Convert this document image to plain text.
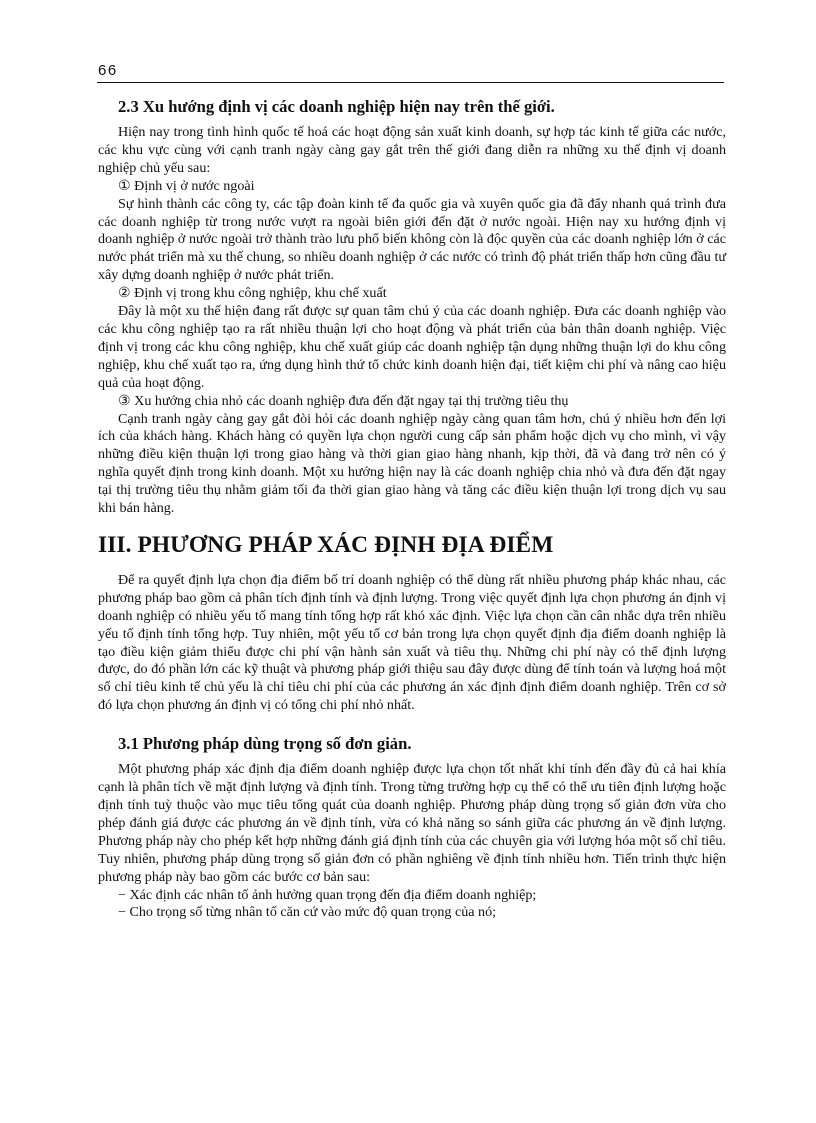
66
2.3 Xu hướng định vị các doanh nghiệp hiện nay trên thế giới.

Hiện nay trong tình hình quốc tế hoá các hoạt động sản xuất kinh doanh, sự hợp tác kinh tế giữa các nước, các khu vực cùng với cạnh tranh ngày càng gay gắt trên thế giới đang diễn ra những xu thế định vị doanh nghiệp chủ yếu sau:

① Định vị ở nước ngoài

Sự hình thành các công ty, các tập đoàn kinh tế đa quốc gia và xuyên quốc gia đã đẩy nhanh quá trình đưa các doanh nghiệp từ trong nước vượt ra ngoài biên giới đến đặt ở nước ngoài. Hiện nay xu hướng định vị doanh nghiệp ở nước ngoài trở thành trào lưu phổ biến không còn là độc quyền của các doanh nghiệp lớn ở các nước phát triển mà xu thế chung, so nhiều doanh nghiệp ở các nước có trình độ phát triển thấp hơn cũng đầu tư xây dựng doanh nghiệp ở nước phát triển.

② Định vị trong khu công nghiệp, khu chế xuất

Đây là một xu thế hiện đang rất được sự quan tâm chú ý của các doanh nghiệp. Đưa các doanh nghiệp vào các khu công nghiệp tạo ra rất nhiều thuận lợi cho hoạt động và phát triển của bản thân doanh nghiệp. Việc định vị trong các khu công nghiệp, khu chế xuất giúp các doanh nghiệp tận dụng những thuận lợi do khu công nghiệp, khu chế xuất tạo ra, ứng dụng hình thứ tổ chức kinh doanh hiện đại, tiết kiệm chi phí và nâng cao hiệu quả của hoạt động.

③ Xu hướng chia nhỏ các doanh nghiệp đưa đến đặt ngay tại thị trường tiêu thụ

Cạnh tranh ngày càng gay gắt đòi hỏi các doanh nghiệp ngày càng quan tâm hơn, chú ý nhiều hơn đến lợi ích của khách hàng. Khách hàng có quyền lựa chọn người cung cấp sản phẩm hoặc dịch vụ cho mình, vì vậy những điều kiện thuận lợi trong giao hàng và thời gian giao hàng nhanh, kịp thời, đã và đang trở nên có ý nghĩa quyết định trong kinh doanh. Một xu hướng hiện nay là các doanh nghiệp chia nhỏ và đưa đến đặt ngay tại thị trường tiêu thụ nhằm giảm tối đa thời gian giao hàng và tăng các điều kiện thuận lợi trong dịch vụ sau khi bán hàng.

III. PHƯƠNG PHÁP XÁC ĐỊNH ĐỊA ĐIỂM

Để ra quyết định lựa chọn địa điểm bố trí doanh nghiệp có thể dùng rất nhiều phương pháp khác nhau, các phương pháp bao gồm cả phân tích định tính và định lượng. Trong việc quyết định lựa chọn phương án định vị doanh nghiệp có nhiều yếu tố mang tính tổng hợp rất khó xác định. Việc lựa chọn cần cân nhắc dựa trên nhiều yếu tố định tính tổng hợp. Tuy nhiên, một yếu tố cơ bản trong lựa chọn quyết định địa điểm doanh nghiệp là tạo điều kiện giảm thiểu được chi phí vận hành sản xuất và tiêu thụ. Những chi phí này có thể định lượng được, do đó phần lớn các kỹ thuật và phương pháp giới thiệu sau đây được dùng để tính toán và lượng hoá một số chỉ tiêu kinh tế chủ yếu là chỉ tiêu chi phí của các phương án xác định định điểm doanh nghiệp. Trên cơ sở đó lựa chọn phương án định vị có tổng chi phí nhỏ nhất.

3.1 Phương pháp dùng trọng số đơn giản.

Một phương pháp xác định địa điểm doanh nghiệp được lựa chọn tốt nhất khi tính đến đầy đủ cả hai khía cạnh là phân tích về mặt định lượng và định tính. Trong từng trường hợp cụ thể có thể ưu tiên định lượng hoặc định tính tuỳ thuộc vào mục tiêu tổng quát của doanh nghiệp. Phương pháp dùng trọng số giản đơn vừa cho phép đánh giá được các phương án về định tính, vừa có khả năng so sánh giữa các phương án về định lượng. Phương pháp này cho phép kết hợp những đánh giá định tính của các chuyên gia với lượng hóa một số chỉ tiêu. Tuy nhiên, phương pháp dùng trọng số giản đơn có phần nghiêng về định tính nhiều hơn. Tiến trình thực hiện phương pháp này bao gồm các bước cơ bản sau:

− Xác định các nhân tố ảnh hưởng quan trọng đến địa điểm doanh nghiệp;

− Cho trọng số từng nhân tố căn cứ vào mức độ quan trọng của nó;
